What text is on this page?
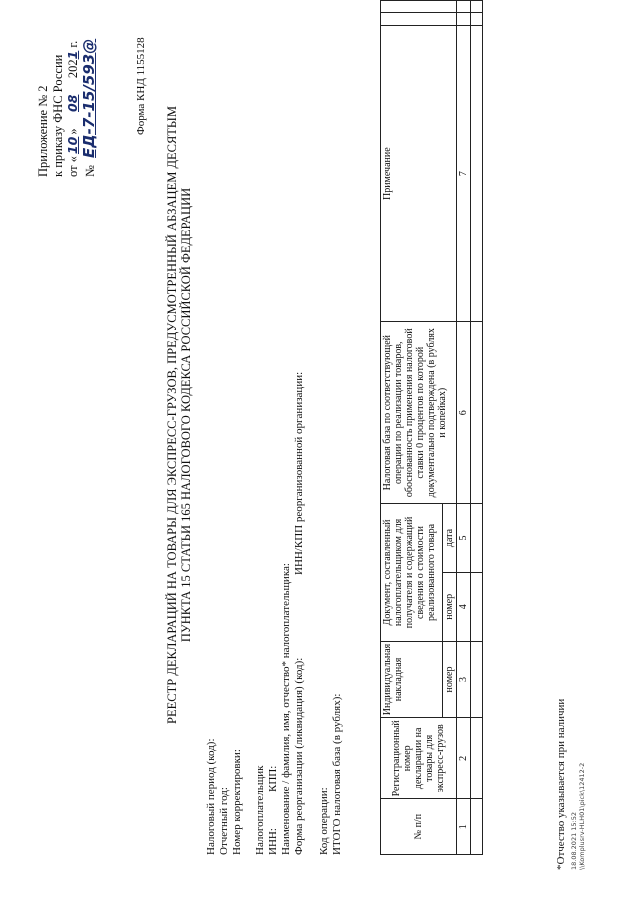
Приложение № 2 к приказу ФНС России от «10» 08 2021 г.
№ ЕД-7-15/593@	Форма КНД 1155128
РЕЕСТР ДЕКЛАРАЦИЙ НА ТОВАРЫ ДЛЯ ЭКСПРЕСС-ГРУЗОВ, ПРЕДУСМОТРЕННЫЙ АБЗАЦЕМ ДЕСЯТЫМ ПУНКТА 15 СТАТЬИ 165 НАЛОГОВОГО КОДЕКСА РОССИЙСКОЙ ФЕДЕРАЦИИ
Налоговый период (код): Отчетный год: Номер корректировки: Налогоплательщик ИНН:
КПП: Наименование / фамилия, имя, отчество* налогоплательщика: Форма реорганизации (ликвидация) (код):
ИНН/КПП реорганизованной организации:
Код операции: ИТОГО налоговая база (в рублях):	№ п/п	Регистрационный номер декларации на товары для экспресс-грузов	Индивидуальная накладная	Документ, составленный налогоплательщиком для получателя и содержащий сведения о стоимости реализованного товара		Налоговая база по соответствующей операции по реализации товаров, обоснованность применения налоговой ставки 0 процентов по которой документально подтверждена (в рублях и копейках)	Примечание		
		номер	номер	дата				
1	2	3	4	5	6	7		

*Отчество указывается при наличии 18.08.2021 15:52 \\Komplusrv-HLH01\pick\12412-2
